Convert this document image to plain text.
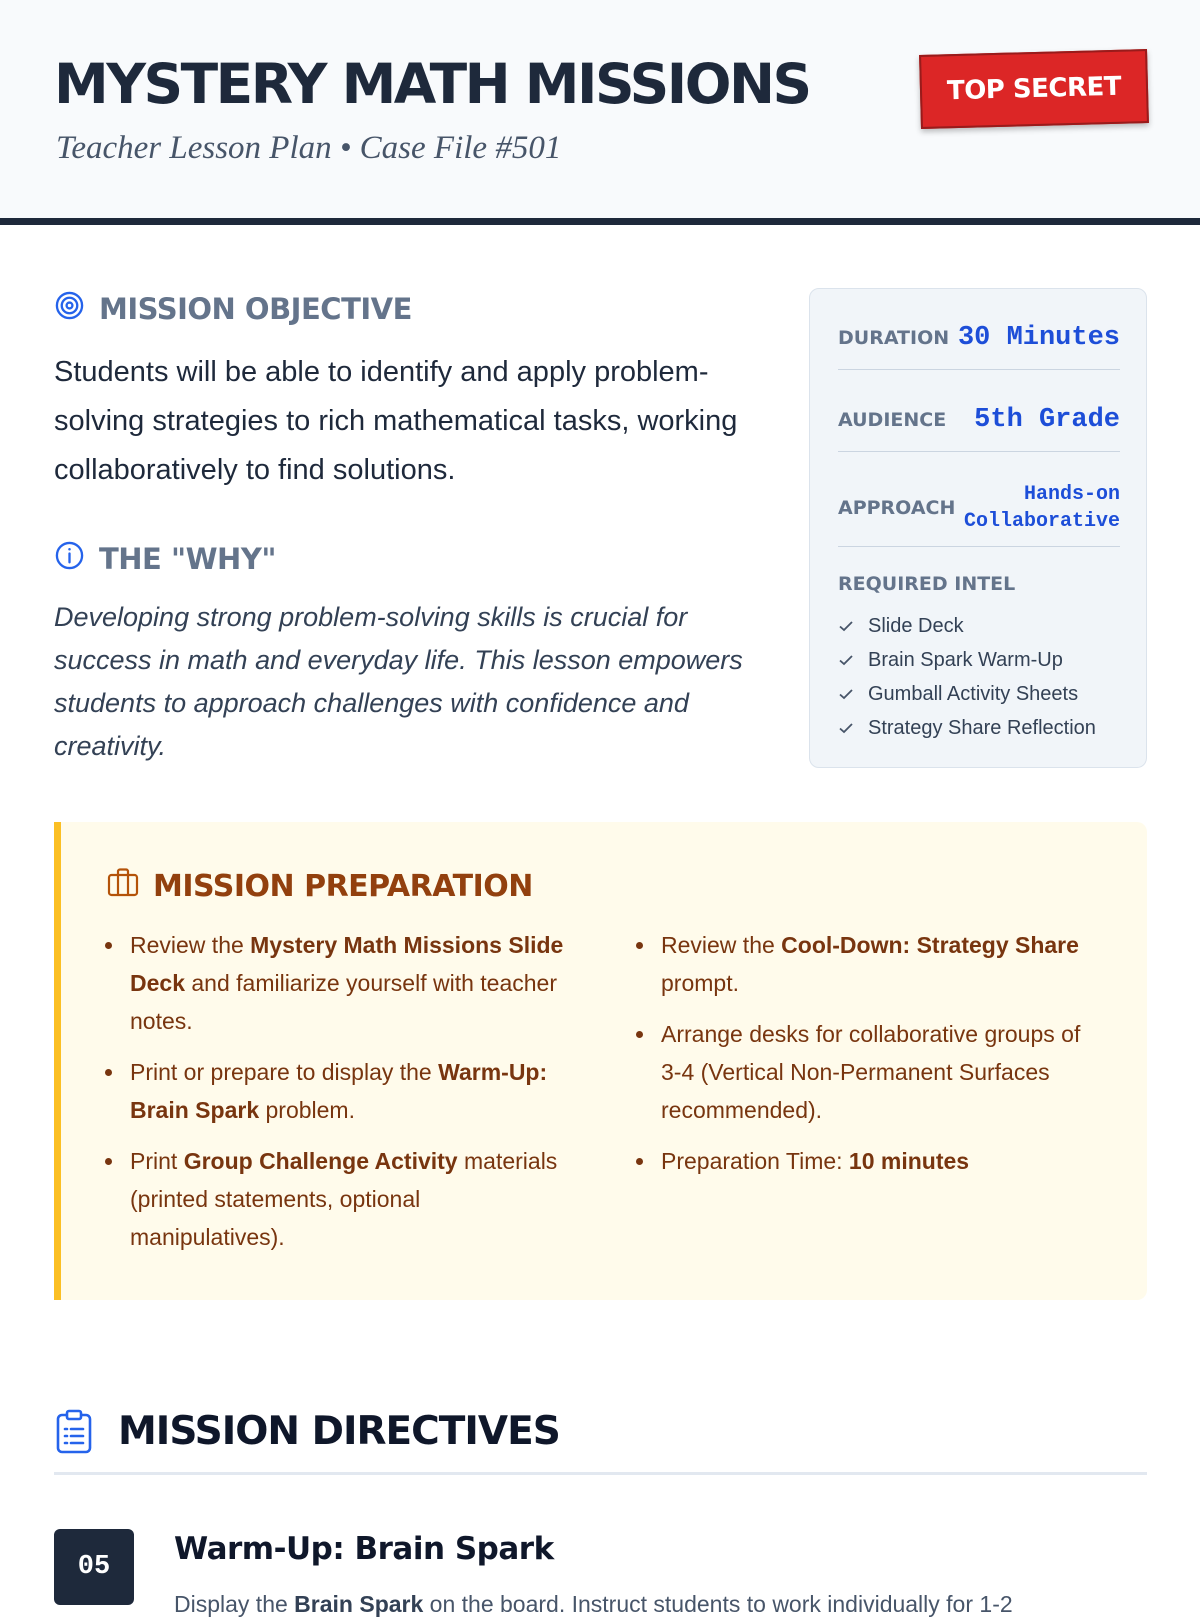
MYSTERY MATH MISSIONS
Teacher Lesson Plan • Case File #501
TOP SECRET
MISSION OBJECTIVE
Students will be able to identify and apply problem-solving strategies to rich mathematical tasks, working collaboratively to find solutions.
THE "WHY"
Developing strong problem-solving skills is crucial for success in math and everyday life. This lesson empowers students to approach challenges with confidence and creativity.
DURATION 30 Minutes
AUDIENCE 5th Grade
APPROACH
Hands-on
Collaborative
REQUIRED INTEL
Slide Deck
Brain Spark Warm-Up
Gumball Activity Sheets
Strategy Share Reflection
MISSION PREPARATION
Review the Mystery Math Missions Slide Deck and familiarize yourself with teacher notes.
Print or prepare to display the Warm-Up: Brain Spark problem.
Print Group Challenge Activity materials (printed statements, optional manipulatives).
Review the Cool-Down: Strategy Share prompt.
Arrange desks for collaborative groups of 3-4 (Vertical Non-Permanent Surfaces recommended).
Preparation Time: 10 minutes
MISSION DIRECTIVES
05	Warm-Up: Brain Spark
Display the Brain Spark on the board. Instruct students to work individually for 1-2
